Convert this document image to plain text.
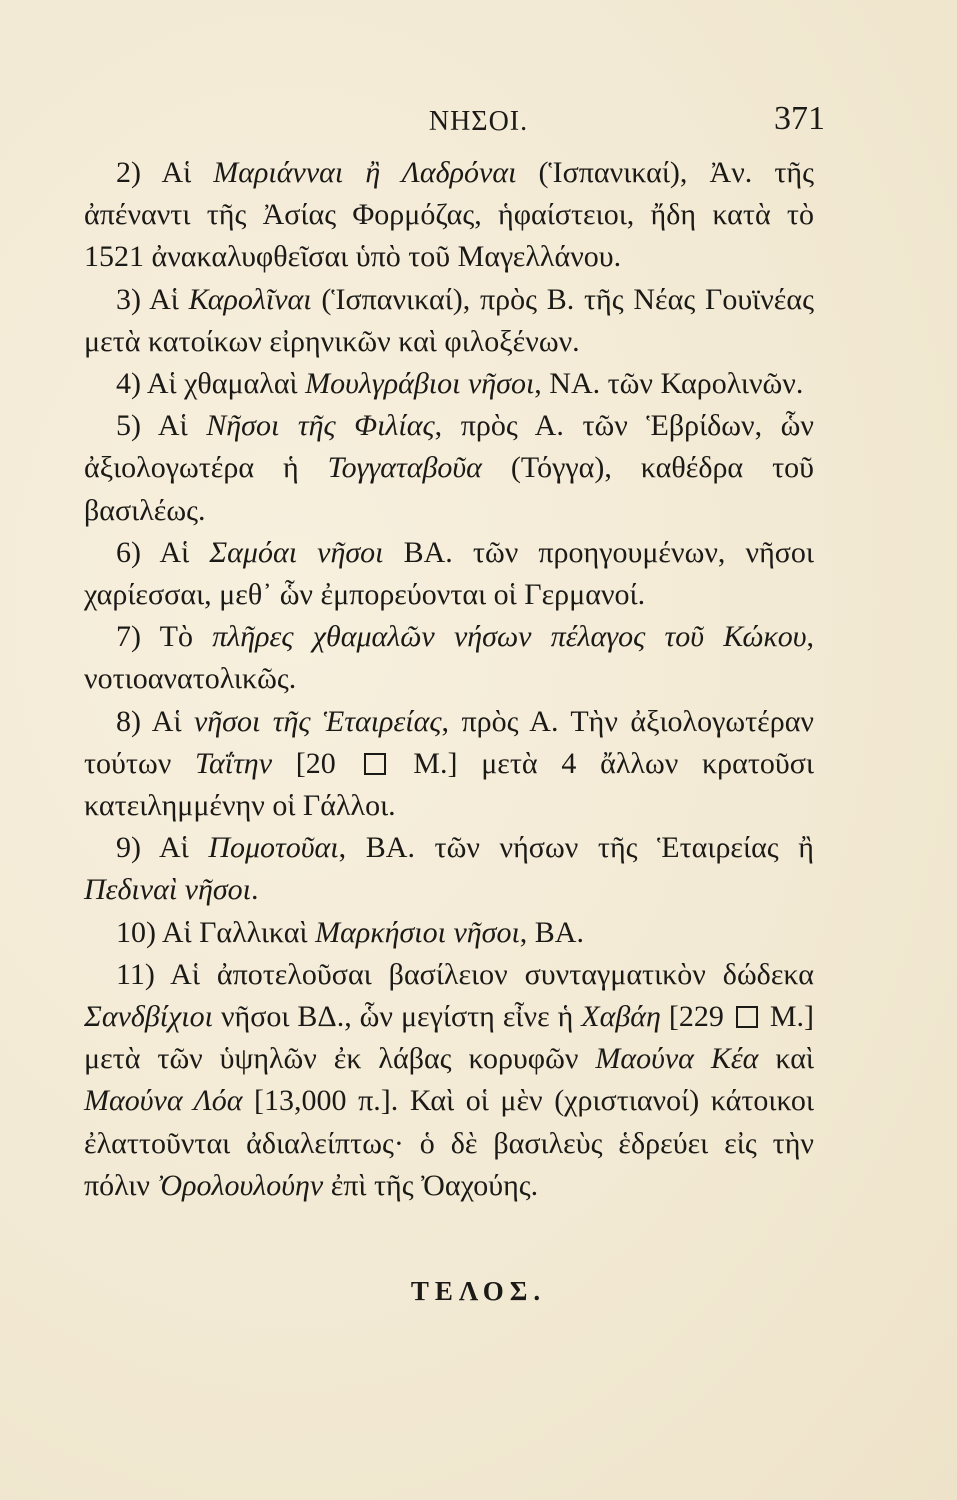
ΝΗΣΟΙ.	371

2) Αἱ Μαριάνναι ἢ Λαδρόναι (Ἱσπανικαί), Ἀν. τῆς ἀπέναντι τῆς Ἀσίας Φορμόζας, ἡφαίστειοι, ἤδη κατὰ τὸ 1521 ἀνακαλυφθεῖσαι ὑπὸ τοῦ Μαγελλάνου.

3) Αἱ Καρολῖναι (Ἱσπανικαί), πρὸς Β. τῆς Νέας Γουϊνέας μετὰ κατοίκων εἰρηνικῶν καὶ φιλοξένων.

4) Αἱ χθαμαλαὶ Μουλγράβιοι νῆσοι, ΝΑ. τῶν Καρολινῶν.

5) Αἱ Νῆσοι τῆς Φιλίας, πρὸς Α. τῶν Ἑβρίδων, ὧν ἀξιολογωτέρα ἡ Τογγαταβοῦα (Τόγγα), καθέδρα τοῦ βασιλέως.

6) Αἱ Σαμόαι νῆσοι ΒΑ. τῶν προηγουμένων, νῆσοι χαρίεσσαι, μεθ᾽ ὧν ἐμπορεύονται οἱ Γερμανοί.

7) Τὸ πλῆρες χθαμαλῶν νήσων πέλαγος τοῦ Κώκου, νοτιοανατολικῶς.

8) Αἱ νῆσοι τῆς Ἑταιρείας, πρὸς Α. Τὴν ἀξιολογωτέραν τούτων Ταΐτην [20  Μ.] μετὰ 4 ἄλλων κρατοῦσι κατειλημμένην οἱ Γάλλοι.

9) Αἱ Πομοτοῦαι, ΒΑ. τῶν νήσων τῆς Ἑταιρείας ἢ Πεδιναὶ νῆσοι.

10) Αἱ Γαλλικαὶ Μαρκήσιοι νῆσοι, ΒΑ.

11) Αἱ ἀποτελοῦσαι βασίλειον συνταγματικὸν δώδεκα Σανδβίχιοι νῆσοι ΒΔ., ὧν μεγίστη εἶνε ἡ Χαβάη [229  Μ.] μετὰ τῶν ὑψηλῶν ἐκ λάβας κορυφῶν Μαούνα Κέα καὶ Μαούνα Λόα [13,000 π.]. Καὶ οἱ μὲν (χριστιανοί) κάτοικοι ἐλαττοῦνται ἀδιαλείπτως· ὁ δὲ βασιλεὺς ἑδρεύει εἰς τὴν πόλιν Ὀρολουλούην ἐπὶ τῆς Ὀαχούης.

ΤΕΛΟΣ.
